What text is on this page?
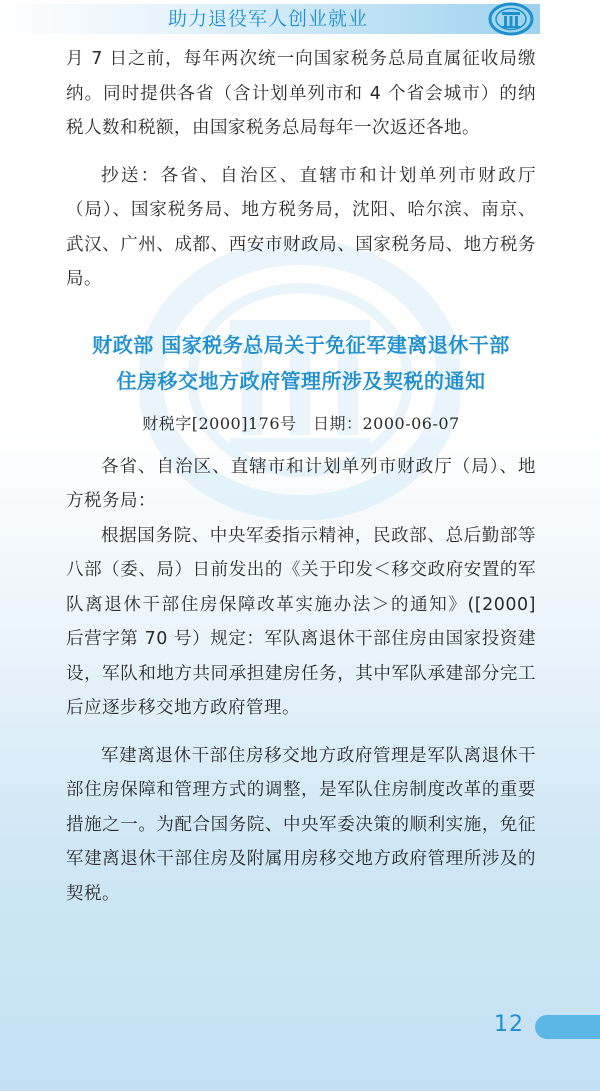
助力退役军人创业就业

月 7 日之前，每年两次统一向国家税务总局直属征收局缴纳。同时提供各省（含计划单列市和 4 个省会城市）的纳税人数和税额，由国家税务总局每年一次返还各地。

抄送：各省、自治区、直辖市和计划单列市财政厅（局）、国家税务局、地方税务局，沈阳、哈尔滨、南京、武汉、广州、成都、西安市财政局、国家税务局、地方税务局。

财政部 国家税务总局关于免征军建离退休干部
住房移交地方政府管理所涉及契税的通知
财税字[2000]176号　日期：2000-06-07

各省、自治区、直辖市和计划单列市财政厅（局）、地方税务局：

根据国务院、中央军委指示精神，民政部、总后勤部等八部（委、局）日前发出的《关于印发＜移交政府安置的军队离退休干部住房保障改革实施办法＞的通知》([2000] 后营字第 70 号）规定：军队离退休干部住房由国家投资建设，军队和地方共同承担建房任务，其中军队承建部分完工后应逐步移交地方政府管理。

军建离退休干部住房移交地方政府管理是军队离退休干部住房保障和管理方式的调整，是军队住房制度改革的重要措施之一。为配合国务院、中央军委决策的顺利实施，免征军建离退休干部住房及附属用房移交地方政府管理所涉及的契税。

12
